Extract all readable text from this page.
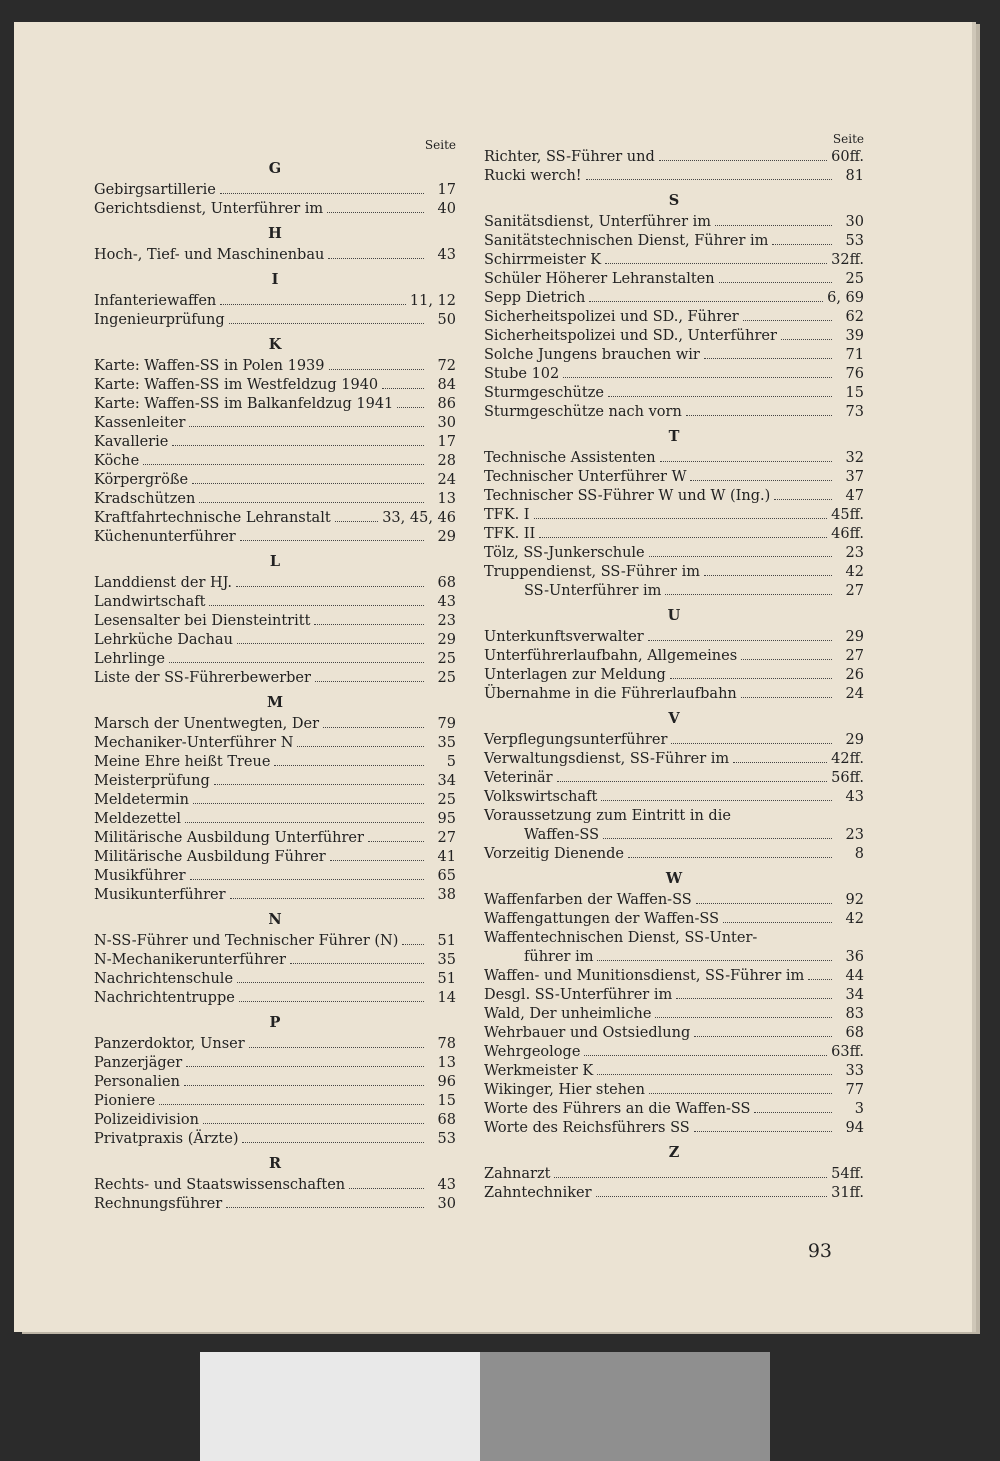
Seite
G
Gebirgsartillerie	17
Gerichtsdienst, Unterführer im	40
H
Hoch-, Tief- und Maschinenbau	43
I
Infanteriewaffen	11, 12
Ingenieurprüfung	50
K
Karte: Waffen-SS in Polen 1939	72
Karte: Waffen-SS im Westfeldzug 1940	84
Karte: Waffen-SS im Balkanfeldzug 1941	86
Kassenleiter	30
Kavallerie	17
Köche	28
Körpergröße	24
Kradschützen	13
Kraftfahrtechnische Lehranstalt	33, 45, 46
Küchenunterführer	29
L
Landdienst der HJ.	68
Landwirtschaft	43
Lesensalter bei Diensteintritt	23
Lehrküche Dachau	29
Lehrlinge	25
Liste der SS-Führerbewerber	25
M
Marsch der Unentwegten, Der	79
Mechaniker-Unterführer N	35
Meine Ehre heißt Treue	5
Meisterprüfung	34
Meldetermin	25
Meldezettel	95
Militärische Ausbildung Unterführer	27
Militärische Ausbildung Führer	41
Musikführer	65
Musikunterführer	38
N
N-SS-Führer und Technischer Führer (N)	51
N-Mechanikerunterführer	35
Nachrichtenschule	51
Nachrichtentruppe	14
P
Panzerdoktor, Unser	78
Panzerjäger	13
Personalien	96
Pioniere	15
Polizeidivision	68
Privatpraxis (Ärzte)	53
R
Rechts- und Staatswissenschaften	43
Rechnungsführer	30
Seite
Richter, SS-Führer und	60ff.
Rucki werch!	81
S
Sanitätsdienst, Unterführer im	30
Sanitätstechnischen Dienst, Führer im	53
Schirrmeister K	32ff.
Schüler Höherer Lehranstalten	25
Sepp Dietrich	6, 69
Sicherheitspolizei und SD., Führer	62
Sicherheitspolizei und SD., Unterführer	39
Solche Jungens brauchen wir	71
Stube 102	76
Sturmgeschütze	15
Sturmgeschütze nach vorn	73
T
Technische Assistenten	32
Technischer Unterführer W	37
Technischer SS-Führer W und W (Ing.)	47
TFK. I	45ff.
TFK. II	46ff.
Tölz, SS-Junkerschule	23
Truppendienst, SS-Führer im	42
SS-Unterführer im	27
U
Unterkunftsverwalter	29
Unterführerlaufbahn, Allgemeines	27
Unterlagen zur Meldung	26
Übernahme in die Führerlaufbahn	24
V
Verpflegungsunterführer	29
Verwaltungsdienst, SS-Führer im	42ff.
Veterinär	56ff.
Volkswirtschaft	43
Voraussetzung zum Eintritt in die
Waffen-SS	23
Vorzeitig Dienende	8
W
Waffenfarben der Waffen-SS	92
Waffengattungen der Waffen-SS	42
Waffentechnischen Dienst, SS-Unter-
führer im	36
Waffen- und Munitionsdienst, SS-Führer im	44
Desgl. SS-Unterführer im	34
Wald, Der unheimliche	83
Wehrbauer und Ostsiedlung	68
Wehrgeologe	63ff.
Werkmeister K	33
Wikinger, Hier stehen	77
Worte des Führers an die Waffen-SS	3
Worte des Reichsführers SS	94
Z
Zahnarzt	54ff.
Zahntechniker	31ff.
93
